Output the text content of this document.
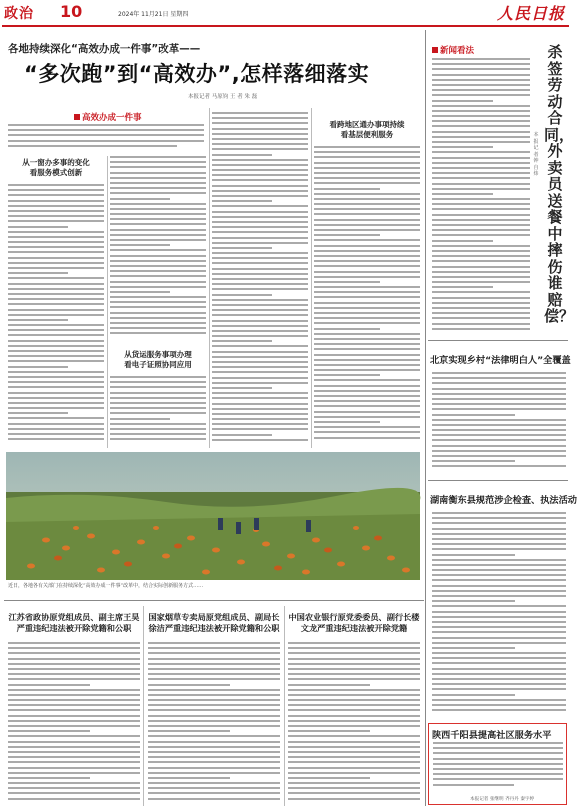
政治 10	2024年 11月21日 星期四	人民日报
各地持续深化“高效办成一件事”改革——
“多次跑”到“高效办”,怎样落细落实
本报记者 马原钧 王 者 朱 磊
高效办成一件事
从一窗办多事的变化
看服务模式创新
从货运服务事项办理
看电子证照协同应用
看跨地区通办事项持续
看基层便利服务
近日，各地各有关部门在持续深化“高效办成一件事”改革中，结合实际创新服务方式……
江苏省政协原党组成员、副主席王昊严重违纪违法被开除党籍和公职
国家烟草专卖局原党组成员、副局长徐洁严重违纪违法被开除党籍和公职
中国农业银行原党委委员、副行长楼文龙严重违纪违法被开除党籍
新闻看法	杀签劳动合同，外卖员送餐中摔伤谁赔偿？
本报记者 钟自炜
北京实现乡村“法律明白人”全覆盖
湖南衡东县规范涉企检查、执法活动
陕西千阳县提高社区服务水平
本报记者 张继明 齐丹丹 秦宇婷
